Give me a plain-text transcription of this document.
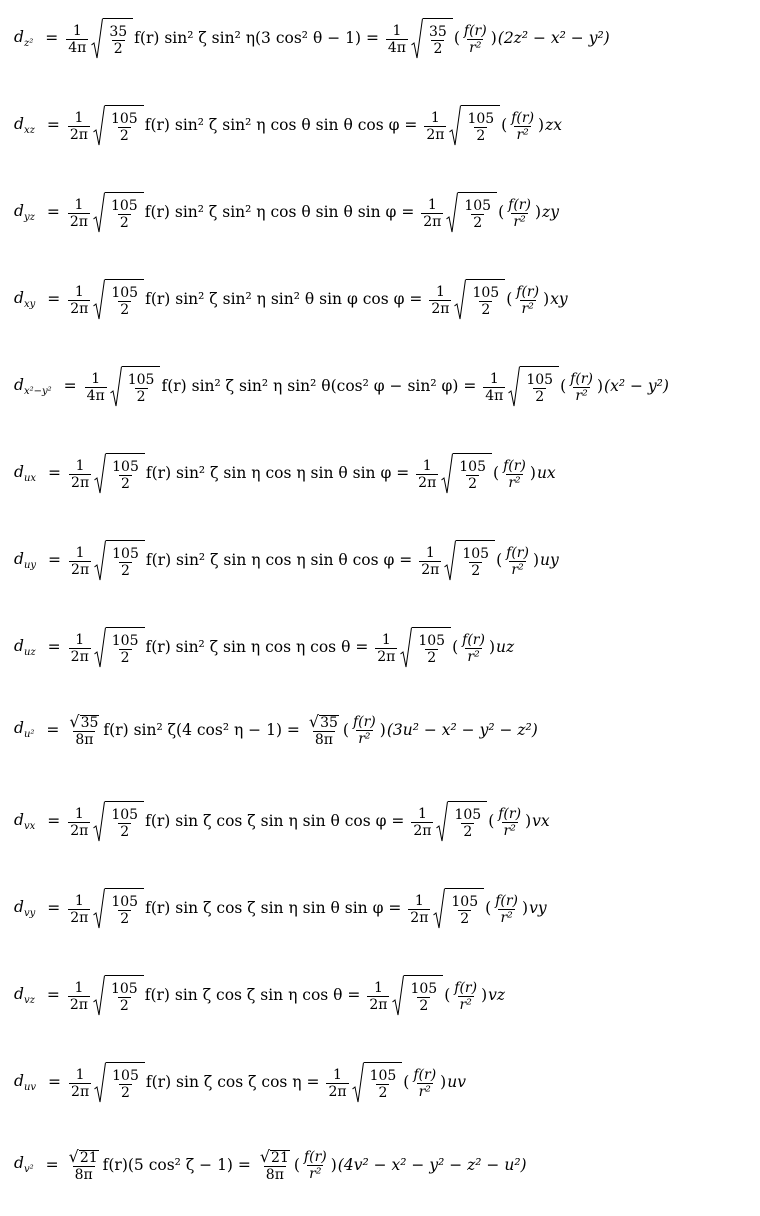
$d_{z^2} = \frac{1}{4\pi} \frac{35}{2} f(r)$ sin² ζ sin² η(3 cos² θ − 1) =
$\frac{1}{4\pi} \frac{35}{2}$ ( $\frac{f(r)}{\text{r²}}$ ) (2z² − x² − y²)
$d_{xz} = \frac{1}{2\pi} \frac{105}{2} f(r)$ sin² ζ sin² η cos θ sin θ cos φ =
$\frac{1}{2\pi} \frac{105}{2}$ ( $\frac{f(r)}{\text{r²}}$ ) zx
$d_{yz} = \frac{1}{2\pi} \frac{105}{2} f(r)$ sin² ζ sin² η cos θ sin θ sin φ =
$\frac{1}{2\pi} \frac{105}{2}$ ( $\frac{f(r)}{\text{r²}}$ ) zy
$d_{xy} = \frac{1}{2\pi} \frac{105}{2} f(r)$ sin² ζ sin² η sin² θ sin φ cos φ =
$\frac{1}{2\pi} \frac{105}{2}$ ( $\frac{f(r)}{\text{r²}}$ ) xy
$d_{x^2-y^2} = \frac{1}{4\pi} \frac{105}{2} f(r)$ sin² ζ sin² η sin² θ(cos² φ − sin² φ) =
$\frac{1}{4\pi} \frac{105}{2}$ ( $\frac{f(r)}{\text{r²}}$ ) (x² − y²)
$d_{ux} = \frac{1}{2\pi} \frac{105}{2} f(r)$ sin² ζ sin η cos η sin θ sin φ =
$\frac{1}{2\pi} \frac{105}{2}$ ( $\frac{f(r)}{\text{r²}}$ ) ux
$d_{uy} = \frac{1}{2\pi} \frac{105}{2} f(r)$ sin² ζ sin η cos η sin θ cos φ =
$\frac{1}{2\pi} \frac{105}{2}$ ( $\frac{f(r)}{\text{r²}}$ ) uy
$d_{uz} = \frac{1}{2\pi} \frac{105}{2} f(r)$ sin² ζ sin η cos η cos θ =
$\frac{1}{2\pi} \frac{105}{2}$ ( $\frac{f(r)}{\text{r²}}$ ) uz
$d_{u^2} = \frac{√ 35}{8\pi} f(r)$ sin² ζ(4 cos² η − 1) =
$\frac{√ 35}{8\pi}$ ( $\frac{f(r)}{\text{r²}}$ ) (3u² − x² − y² − z²)
$d_{vx} = \frac{1}{2\pi} \frac{105}{2} f(r)$ sin ζ cos ζ sin η sin θ cos φ =
$\frac{1}{2\pi} \frac{105}{2}$ ( $\frac{f(r)}{\text{r²}}$ ) vx
$d_{vy} = \frac{1}{2\pi} \frac{105}{2} f(r)$ sin ζ cos ζ sin η sin θ sin φ =
$\frac{1}{2\pi} \frac{105}{2}$ ( $\frac{f(r)}{\text{r²}}$ ) vy
$d_{vz} = \frac{1}{2\pi} \frac{105}{2} f(r)$ sin ζ cos ζ sin η cos θ =
$\frac{1}{2\pi} \frac{105}{2}$ ( $\frac{f(r)}{\text{r²}}$ ) vz
$d_{uv} = \frac{1}{2\pi} \frac{105}{2} f(r)$ sin ζ cos ζ cos η =
$\frac{1}{2\pi} \frac{105}{2}$ ( $\frac{f(r)}{\text{r²}}$ ) uv
$d_{v^2} = \frac{√ 21}{8\pi} f(r)(5$ cos² ζ − 1) =
$\frac{√ 21}{8\pi}$ ( $\frac{f(r)}{\text{r²}}$ ) (4v² − x² − y² − z² − u²)
